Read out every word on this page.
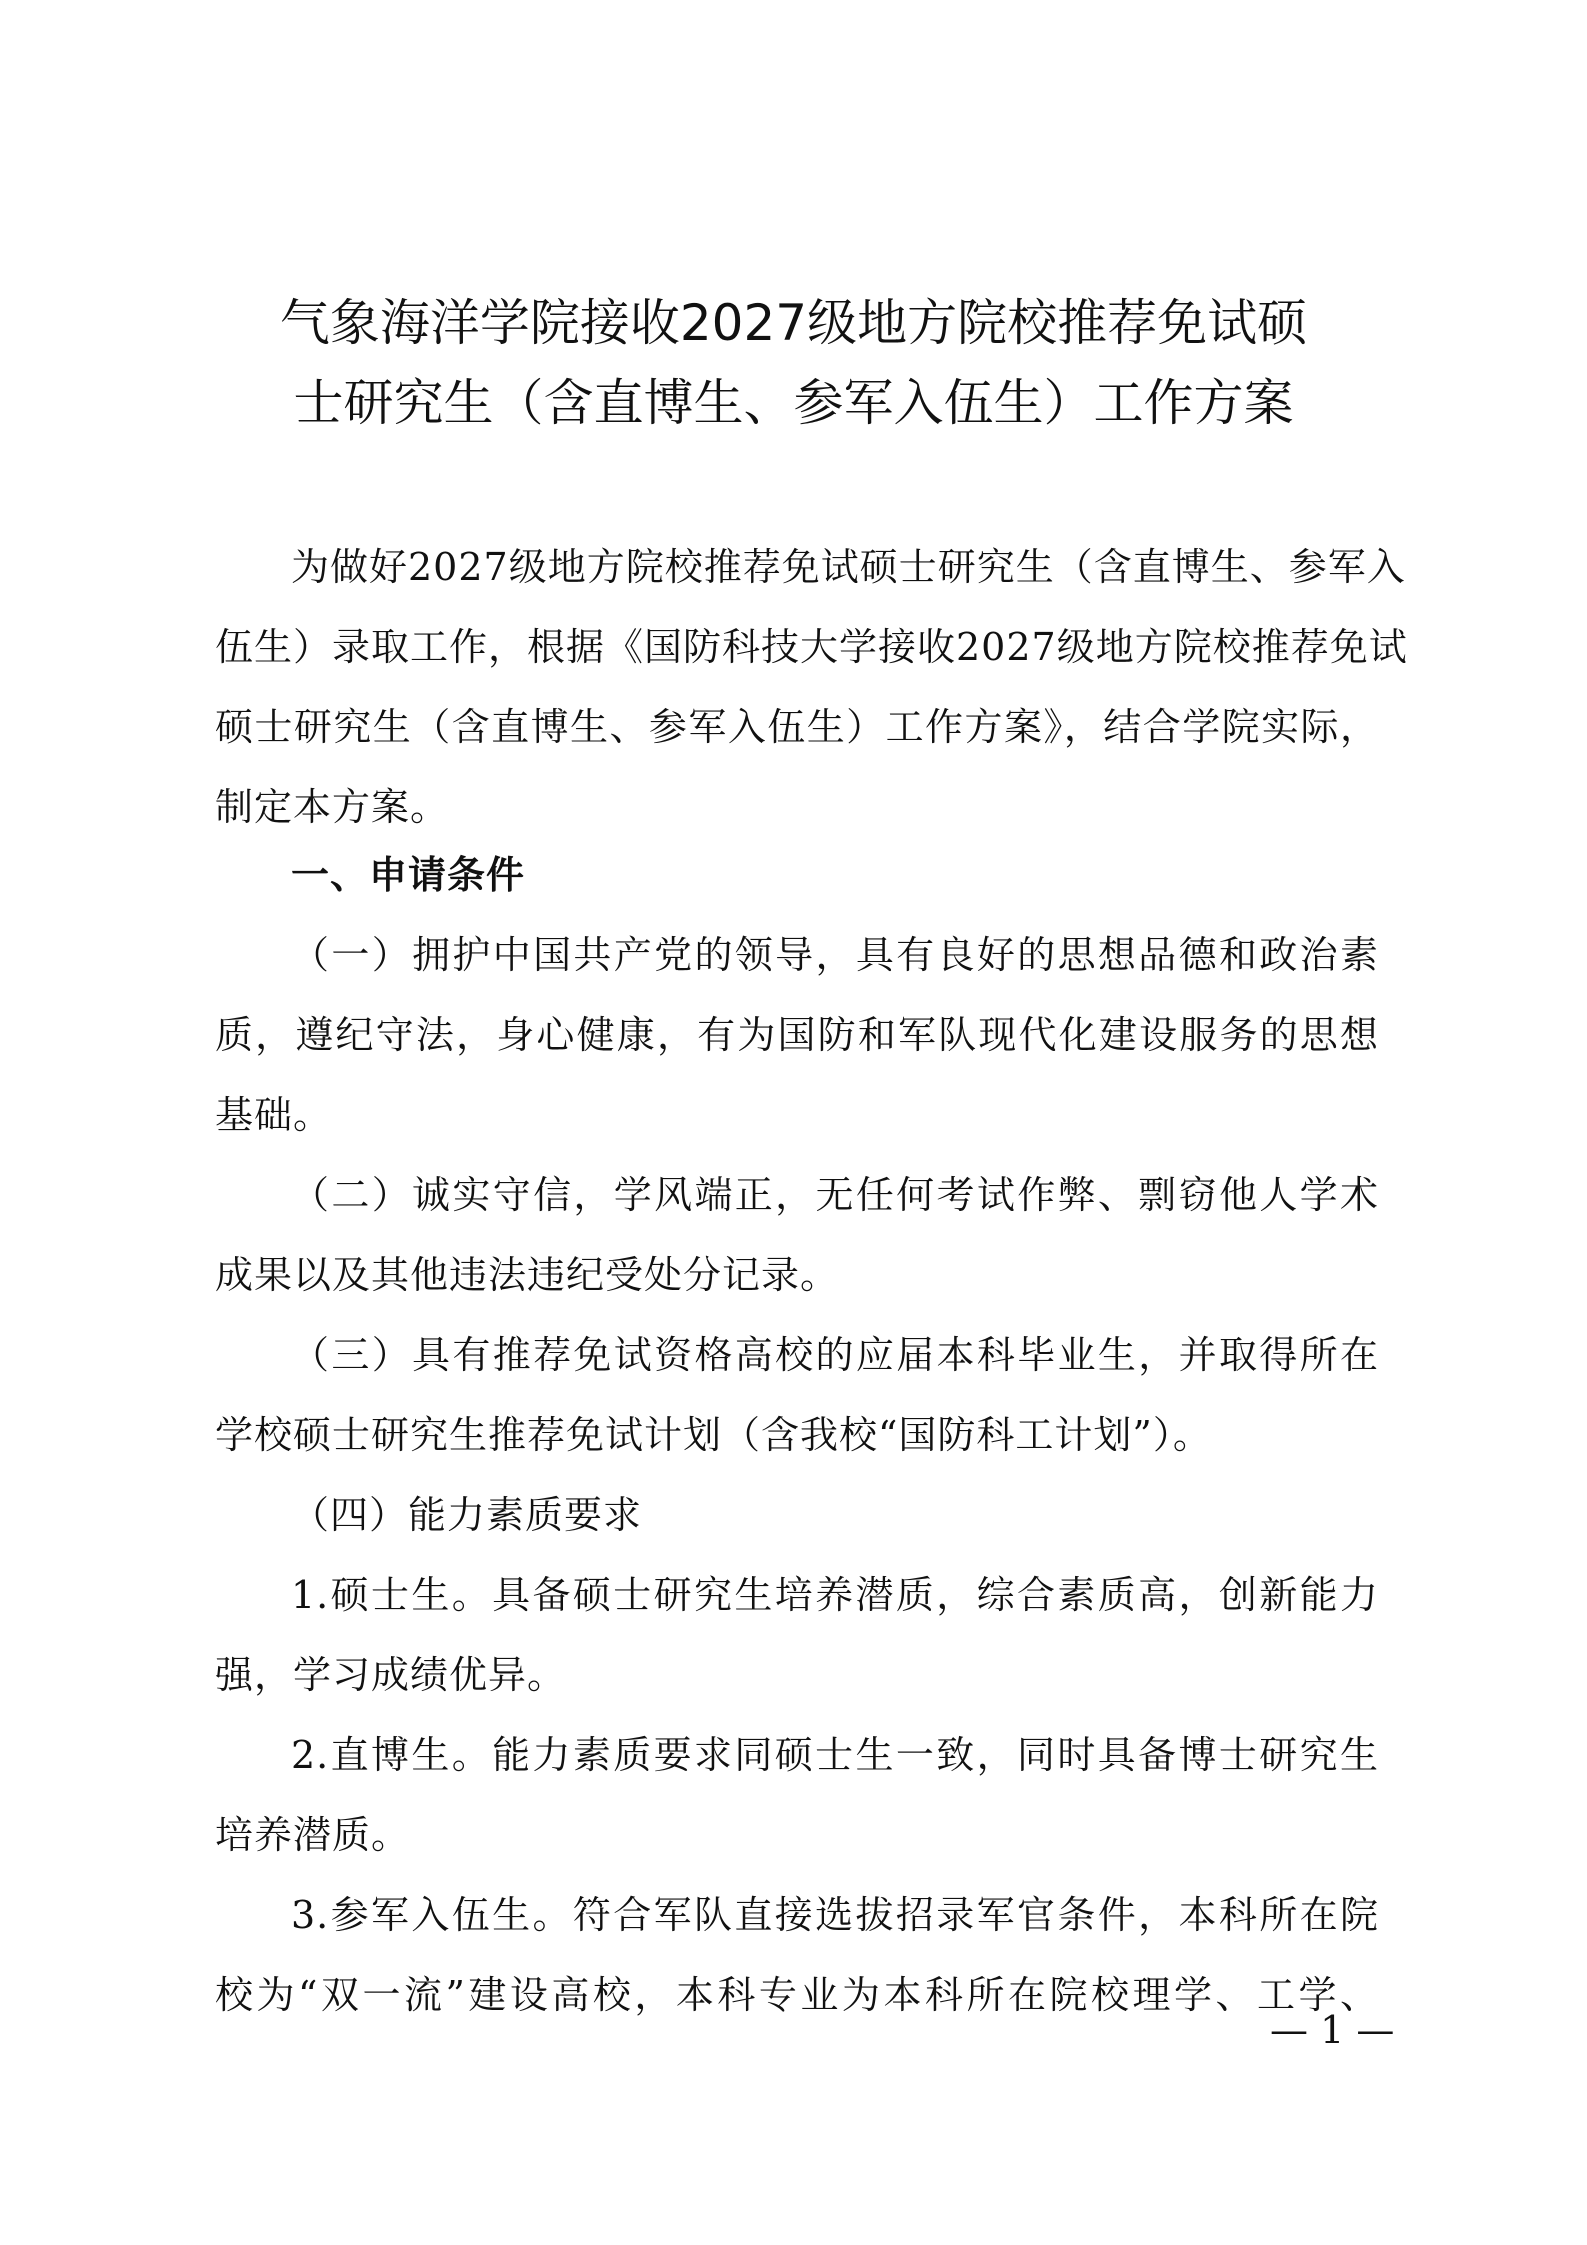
气象海洋学院接收2027级地方院校推荐免试硕
士研究生（含直博生、参军入伍生）工作方案
为做好2027级地方院校推荐免试硕士研究生（含直博生、参军入
伍生）录取工作，根据《国防科技大学接收2027级地方院校推荐免试
硕士研究生（含直博生、参军入伍生）工作方案》，结合学院实际，
制定本方案。
一、申请条件
（一）拥护中国共产党的领导，具有良好的思想品德和政治素
质，遵纪守法，身心健康，有为国防和军队现代化建设服务的思想
基础。
（二）诚实守信，学风端正，无任何考试作弊、剽窃他人学术
成果以及其他违法违纪受处分记录。
（三）具有推荐免试资格高校的应届本科毕业生，并取得所在
学校硕士研究生推荐免试计划（含我校“国防科工计划”）。
（四）能力素质要求
1.硕士生。具备硕士研究生培养潜质，综合素质高，创新能力
强，学习成绩优异。
2.直博生。能力素质要求同硕士生一致，同时具备博士研究生
培养潜质。
3.参军入伍生。符合军队直接选拔招录军官条件，本科所在院
校为“双一流”建设高校，本科专业为本科所在院校理学、工学、
— 1 —
